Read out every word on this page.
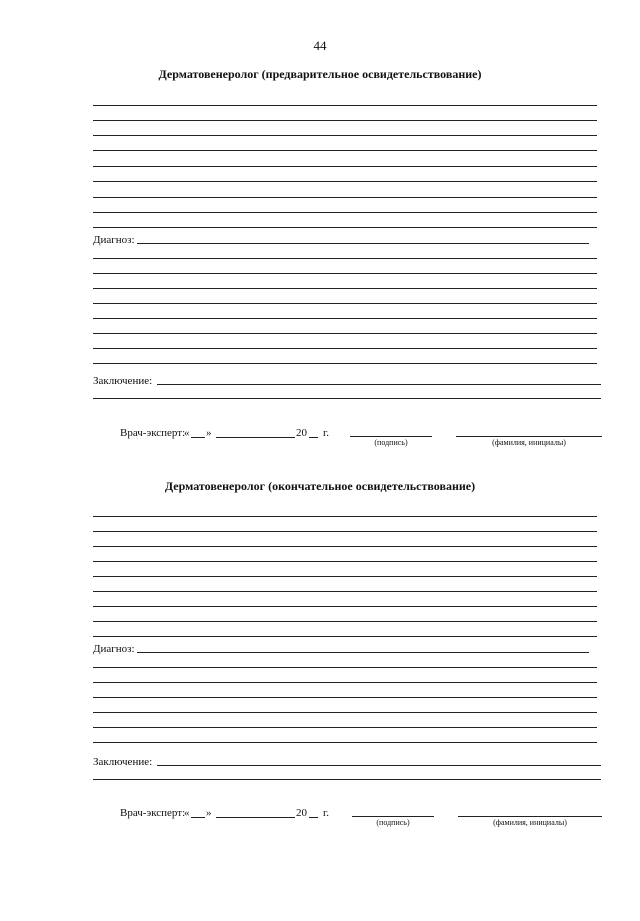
44
Дерматовенеролог (предварительное освидетельствование)
Диагноз:
Заключение:
Врач-эксперт:
« »	20 г.
(подпись)	(фамилия, инициалы)
Дерматовенеролог (окончательное освидетельствование)
Диагноз:
Заключение:
Врач-эксперт:
« »	20 г.
(подпись)	(фамилия, инициалы)
